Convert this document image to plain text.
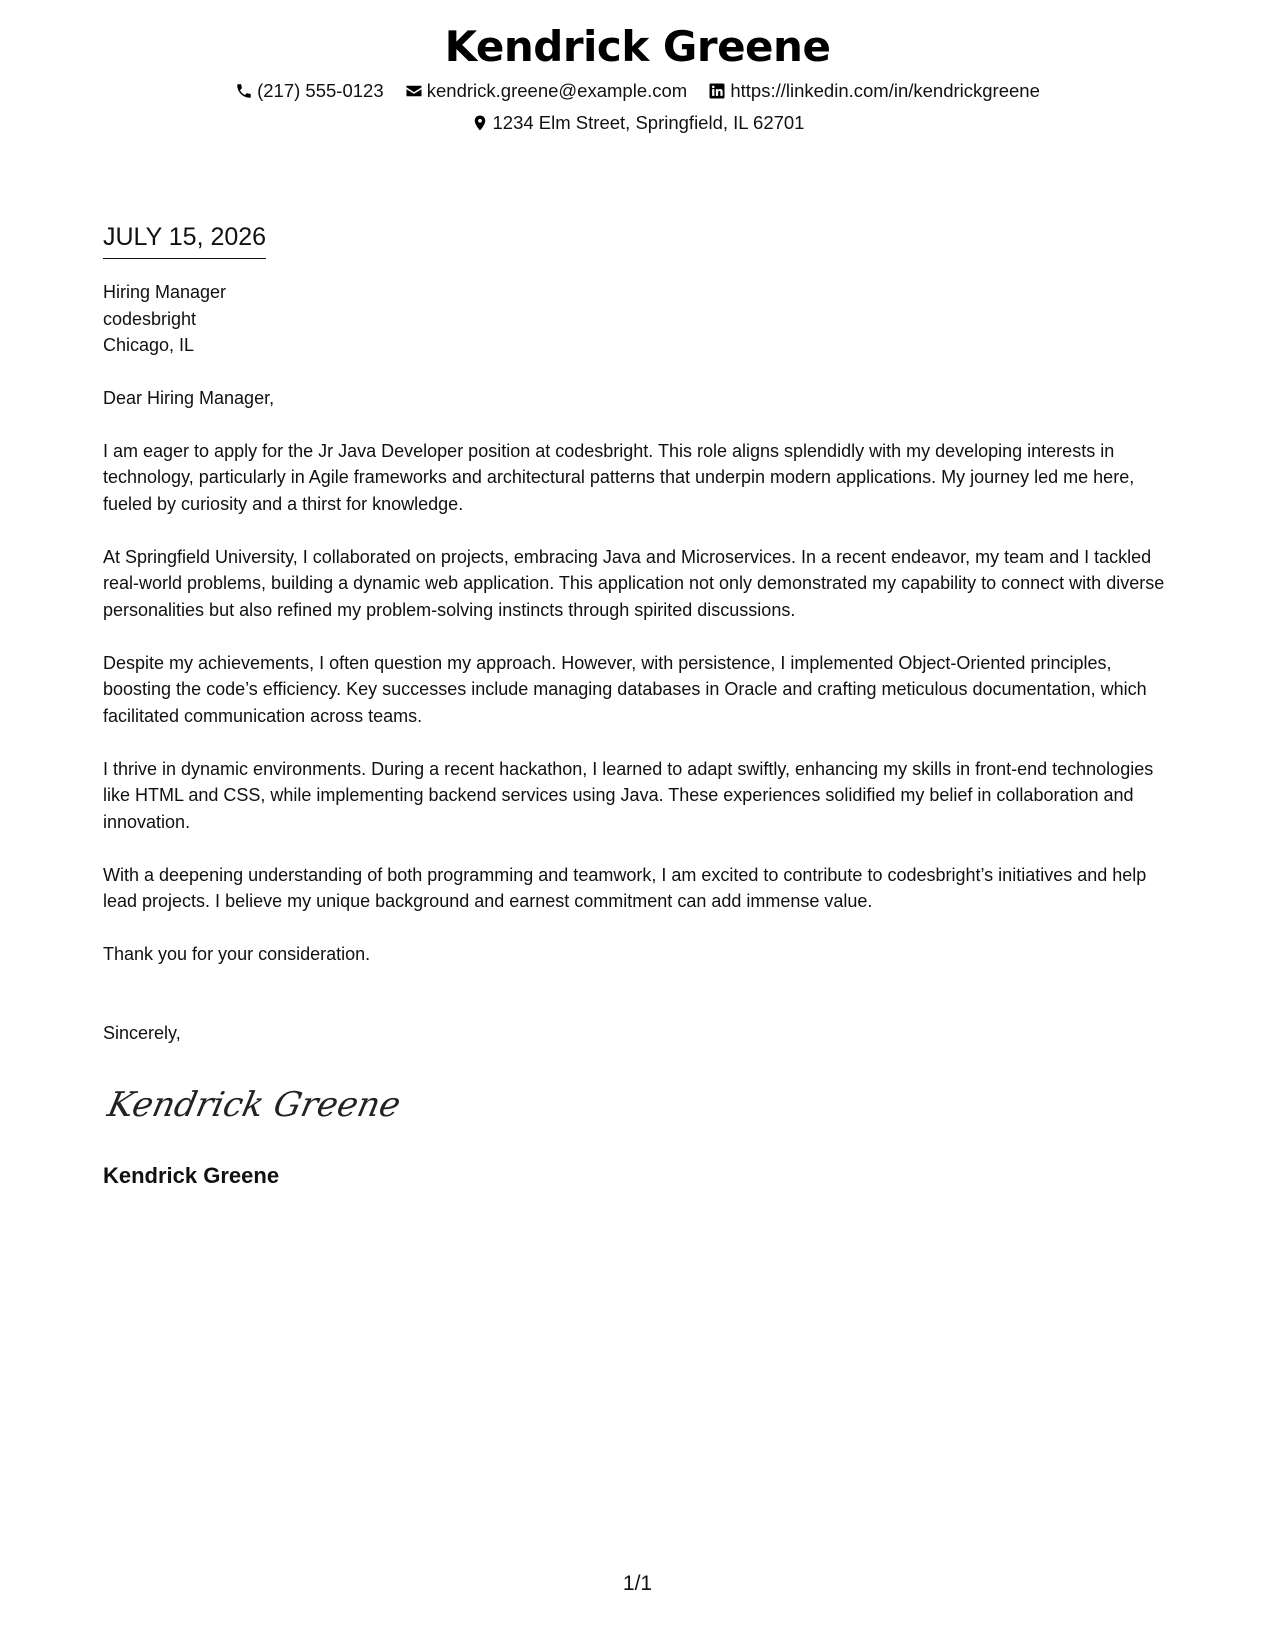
Kendrick Greene
(217) 555-0123
kendrick.greene@example.com
https://linkedin.com/in/kendrickgreene
1234 Elm Street, Springfield, IL 62701
JULY 15, 2026
Hiring Manager
codesbright
Chicago, IL
Dear Hiring Manager,
I am eager to apply for the Jr Java Developer position at codesbright. This role aligns splendidly with my developing interests in technology, particularly in Agile frameworks and architectural patterns that underpin modern applications. My journey led me here, fueled by curiosity and a thirst for knowledge.
At Springfield University, I collaborated on projects, embracing Java and Microservices. In a recent endeavor, my team and I tackled real-world problems, building a dynamic web application. This application not only demonstrated my capability to connect with diverse personalities but also refined my problem-solving instincts through spirited discussions.
Despite my achievements, I often question my approach. However, with persistence, I implemented Object-Oriented principles, boosting the code’s efficiency. Key successes include managing databases in Oracle and crafting meticulous documentation, which facilitated communication across teams.
I thrive in dynamic environments. During a recent hackathon, I learned to adapt swiftly, enhancing my skills in front-end technologies like HTML and CSS, while implementing backend services using Java. These experiences solidified my belief in collaboration and innovation.
With a deepening understanding of both programming and teamwork, I am excited to contribute to codesbright’s initiatives and help lead projects. I believe my unique background and earnest commitment can add immense value.
Thank you for your consideration.
Sincerely,
Kendrick Greene
Kendrick Greene
1/1
